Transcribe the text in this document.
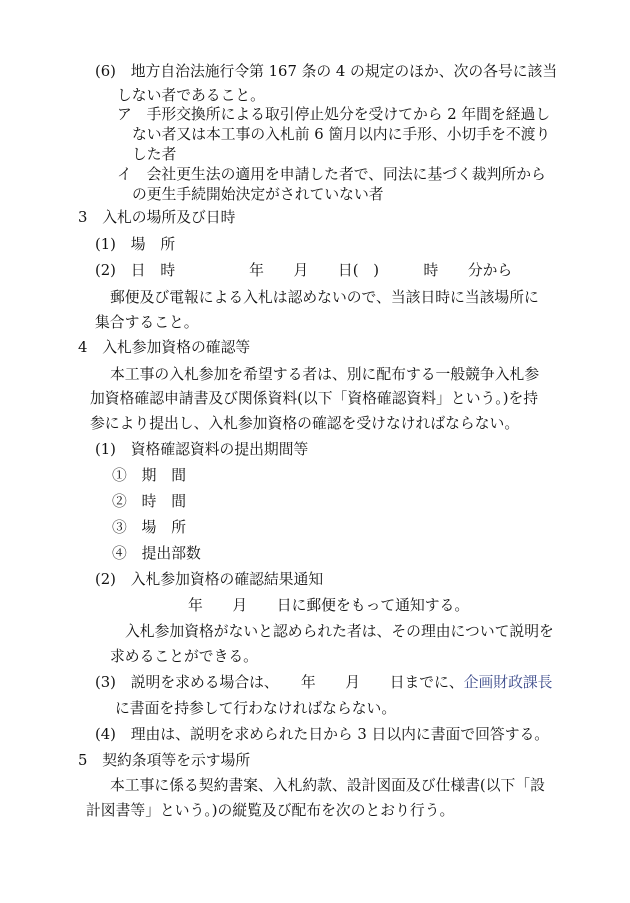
(6)　地方自治法施行令第 167 条の 4 の規定のほか、次の各号に該当
しない者であること。
ア　手形交換所による取引停止処分を受けてから 2 年間を経過し
ない者又は本工事の入札前 6 箇月以内に手形、小切手を不渡り
した者
イ　会社更生法の適用を申請した者で、同法に基づく裁判所から
の更生手続開始決定がされていない者
3　入札の場所及び日時
(1)　場　所
(2)　日　時　　　　　年　　月　　日(　)　　　時　　分から
郵便及び電報による入札は認めないので、当該日時に当該場所に
集合すること。
4　入札参加資格の確認等
本工事の入札参加を希望する者は、別に配布する一般競争入札参
加資格確認申請書及び関係資料(以下「資格確認資料」という。)を持
参により提出し、入札参加資格の確認を受けなければならない。
(1)　資格確認資料の提出期間等
①　期　間
②　時　間
③　場　所
④　提出部数
(2)　入札参加資格の確認結果通知
年　　月　　日に郵便をもって通知する。
入札参加資格がないと認められた者は、その理由について説明を
求めることができる。
(3)　説明を求める場合は、　　年　　月　　日までに、企画財政課長
に書面を持参して行わなければならない。
(4)　理由は、説明を求められた日から 3 日以内に書面で回答する。
5　契約条項等を示す場所
本工事に係る契約書案、入札約款、設計図面及び仕様書(以下「設
計図書等」という。)の縦覧及び配布を次のとおり行う。
